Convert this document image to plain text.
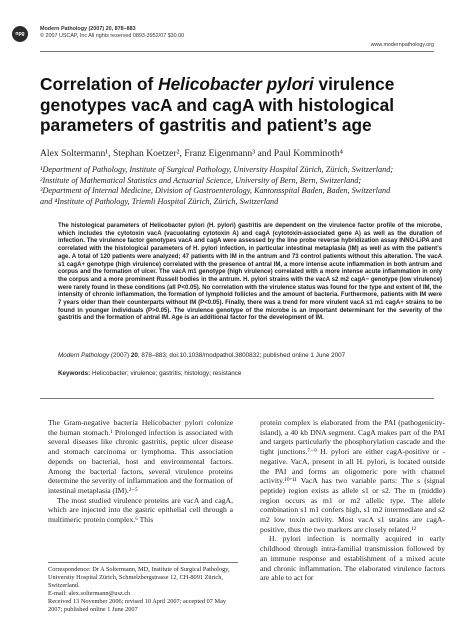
npg
Modern Pathology (2007) 20, 878–883
© 2007 USCAP, Inc All rights reserved 0893-3952/07 $30.00
www.modernpathology.org
Correlation of Helicobacter pylori virulence genotypes vacA and cagA with histological parameters of gastritis and patient’s age
Alex Soltermann¹, Stephan Koetzer², Franz Eigenmann³ and Paul Komminoth⁴
¹Department of Pathology, Institute of Surgical Pathology, University Hospital Zürich, Zürich, Switzerland;
²Institute of Mathematical Statistics and Actuarial Science, University of Bern, Bern, Switzerland;
³Department of Internal Medicine, Division of Gastroenterology, Kantonsspital Baden, Baden, Switzerland
and ⁴Institute of Pathology, Triemli Hospital Zürich, Zürich, Switzerland

The histological parameters of Helicobacter pylori (H. pylori) gastritis are dependent on the virulence factor profile of the microbe, which includes the cytotoxin vacA (vacuolating cytotoxin A) and cagA (cytotoxin-associated gene A) as well as the duration of infection. The virulence factor genotypes vacA and cagA were assessed by the line probe reverse hybridization assay INNO-LiPA and correlated with the histological parameters of H. pylori infection, in particular intestinal metaplasia (IM) as well as with the patient’s age. A total of 120 patients were analyzed; 47 patients with IM in the antrum and 73 control patients without this alteration. The vacA s1 cagA+ genotype (high virulence) correlated with the presence of antral IM, a more intense acute inflammation in both antrum and corpus and the formation of ulcer. The vacA m1 genotype (high virulence) correlated with a more intense acute inflammation in only the corpus and a more prominent Russell bodies in the antrum. H. pylori strains with the vacA s2 m2 cagA− genotype (low virulence) were rarely found in these conditions (all P<0.05). No correlation with the virulence status was found for the type and extent of IM, the intensity of chronic inflammation, the formation of lymphoid follicles and the amount of bacteria. Furthermore, patients with IM were 7 years older than their counterparts without IM (P<0.05). Finally, there was a trend for more virulent vacA s1 m1 cagA+ strains to be found in younger individuals (P>0.05). The virulence genotype of the microbe is an important determinant for the severity of the gastritis and the formation of antral IM. Age is an additional factor for the development of IM.

Modern Pathology (2007) 20, 878–883; doi:10.1038/modpathol.3800832; published online 1 June 2007
Keywords: Helicobacter; virulence; gastritis; histology; resistance

The Gram-negative bacteria Helicobacter pylori colonize the human stomach.¹ Prolonged infection is associated with several diseases like chronic gastritis, peptic ulcer disease and stomach carcinoma or lymphoma. This association depends on bacterial, host and environmental factors. Among the bacterial factors, several virulence proteins determine the severity of inflammation and the formation of intestinal metaplasia (IM).²⁻⁵

The most studied virulence proteins are vacA and cagA, which are injected into the gastric epithelial cell through a multimeric protein complex.⁶ This

protein complex is elaborated from the PAI (pathogenicity-island), a 40 kb DNA segment. CagA makes part of the PAI and targets particularly the phosphorylation cascade and the tight junctions.⁷⁻⁹ H. pylori are either cagA-positive or -negative. VacA, present in all H. pylori, is located outside the PAI and forms an oligomeric pore with channel activity.¹⁰ʼ¹¹ VacA has two variable parts: The s (signal peptide) region exists as allele s1 or s2. The m (middle) region occurs as m1 or m2 allelic type. The allele combination s1 m1 confers high, s1 m2 intermediate and s2 m2 low toxin activity. Most vacA s1 strains are cagA-positive, thus the two markers are closely related.¹²

H. pylori infection is normally acquired in early childhood through intra-familial transmission followed by an immune response and establishment of a mixed acute and chronic inflammation. The elaborated virulence factors are able to act for

Correspondence: Dr A Soltermann, MD, Institute of Surgical Pathology, University Hospital Zürich, Schmelzbergstrasse 12, CH-8091 Zürich, Switzerland.

E-mail: alex.soltermann@usz.ch

Received 13 November 2006; revised 10 April 2007; accepted 07 May 2007; published online 1 June 2007
